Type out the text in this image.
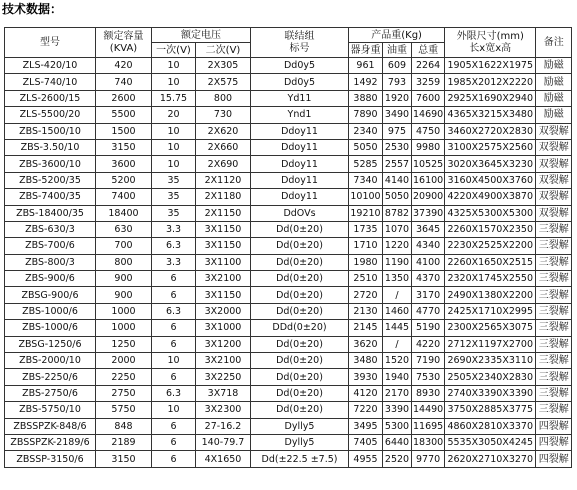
技术数据：
型号	额定容量
(KVA)	额定电压		联结组
标号	产品重(Kg)			外限尺寸(mm)
长x宽x高	备注
		一次(V)	二次(V)		器身重	油重	总重		
ZLS-420/10	420	10	2X305	Dd0y5	961	609	2264	1905X1622X1975	励磁
ZLS-740/10	740	10	2X575	Dd0y5	1492	793	3259	1985X2012X2220	励磁
ZLS-2600/15	2600	15.75	800	Yd11	3880	1920	7600	2925X1690X2940	励磁
ZLS-5500/20	5500	20	730	Ynd1	7890	3490	14690	4365X3215X3480	励磁
ZBS-1500/10	1500	10	2X620	Ddoy11	2340	975	4750	3460X2720X2830	双裂解
ZBS-3.50/10	3150	10	2X660	Ddoy11	5050	2530	9980	3100X2575X2560	双裂解
ZBS-3600/10	3600	10	2X690	Ddoy11	5285	2557	10525	3020X3645X3230	双裂解
ZBS-5200/35	5200	35	2X1120	Ddoy11	7340	4140	16100	3160X4500X3760	双裂解
ZBS-7400/35	7400	35	2X1180	Ddoy11	10100	5050	20900	4220X4900X3870	双裂解
ZBS-18400/35	18400	35	2X1150	DdOVs	19210	8782	37390	4325X5300X5300	双裂解
ZBS-630/3	630	3.3	3X1150	Dd(0±20)	1735	1070	3645	2260X1570X2350	三裂解
ZBS-700/6	700	6.3	3X1150	Dd(0±20)	1710	1220	4340	2230X2525X2200	三裂解
ZBS-800/3	800	3.3	3X1100	Dd(0±20)	1980	1190	4100	2260X1650X2515	三裂解
ZBS-900/6	900	6	3X2100	Dd(0±20)	2510	1350	4370	2320X1745X2550	三裂解
ZBSG-900/6	900	6	3X1150	Dd(0±20)	2720	/	3170	2490X1380X2200	三裂解
ZBS-1000/6	1000	6.3	3X2000	Dd(0±20)	2130	1460	4770	2425X1710X2995	三裂解
ZBS-1000/6	1000	6	3X1000	DDd(0±20)	2145	1445	5190	2300X2565X3075	三裂解
ZBSG-1250/6	1250	6	3X1200	Dd(0±20)	3620	/	4220	2712X1197X2700	三裂解
ZBS-2000/10	2000	10	3X2100	Dd(0±20)	3480	1520	7190	2690X2335X3110	三裂解
ZBS-2250/6	2250	6	3X2250	Dd(0±20)	3930	1940	7530	2505X2340X2830	三裂解
ZBS-2750/6	2750	6.3	3X718	Dd(0±20)	4120	2170	8930	2740X3390X3390	三裂解
ZBS-5750/10	5750	10	3X2300	Dd(0±20)	7220	3390	14490	3750X2885X3775	三裂解
ZBSSPZK-848/6	848	6	27-16.2	Dylly5	3495	5300	11695	4860X2810X3370	四裂解
ZBSSPZK-2189/6	2189	6	140-79.7	Dylly5	7405	6440	18300	5535X3050X4245	四裂解
ZBSSP-3150/6	3150	6	4X1650	Dd(±22.5 ±7.5)	4955	2520	9770	2620X2710X3270	四裂解
